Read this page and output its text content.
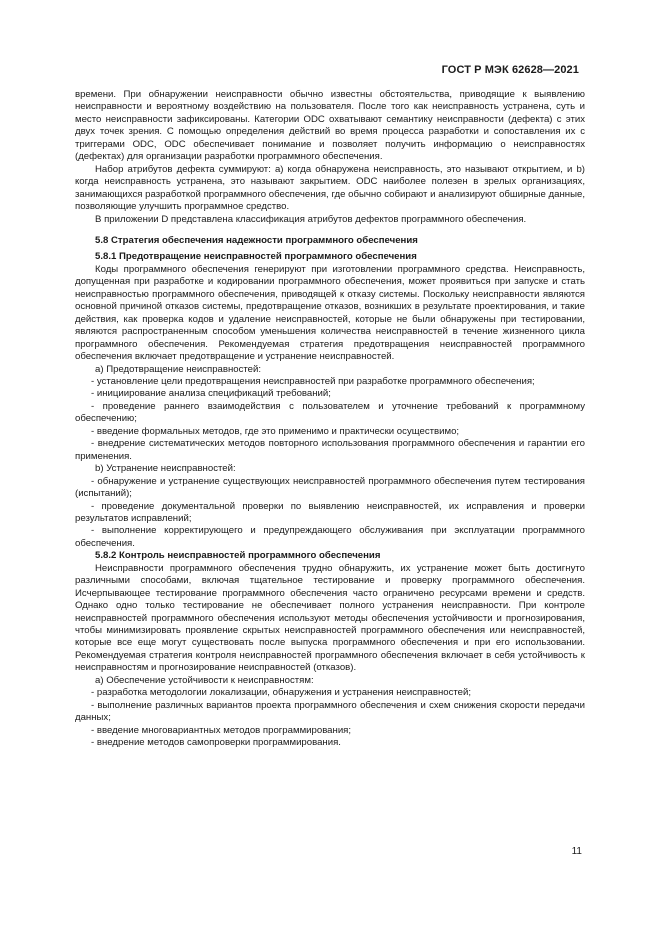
ГОСТ Р МЭК 62628—2021

времени. При обнаружении неисправности обычно известны обстоятельства, приводящие к выявлению неисправности и вероятному воздействию на пользователя. После того как неисправность устранена, суть и место неисправности зафиксированы. Категории ODC охватывают семантику неисправности (дефекта) с этих двух точек зрения. С помощью определения действий во время процесса разработки и сопоставления их с триггерами ODC, ODC обеспечивает понимание и позволяет получить информацию о неисправностях (дефектах) для организации разработки программного обеспечения.

Набор атрибутов дефекта суммируют: а) когда обнаружена неисправность, это называют открытием, и b) когда неисправность устранена, это называют закрытием. ODC наиболее полезен в зрелых организациях, занимающихся разработкой программного обеспечения, где обычно собирают и анализируют обширные данные, позволяющие улучшить программное средство.

В приложении D представлена классификация атрибутов дефектов программного обеспечения.

5.8 Стратегия обеспечения надежности программного обеспечения

5.8.1 Предотвращение неисправностей программного обеспечения

Коды программного обеспечения генерируют при изготовлении программного средства. Неисправность, допущенная при разработке и кодировании программного обеспечения, может проявиться при запуске и стать неисправностью программного обеспечения, приводящей к отказу системы. Поскольку неисправности являются основной причиной отказов системы, предотвращение отказов, возникших в результате проектирования, и такие действия, как проверка кодов и удаление неисправностей, которые не были обнаружены при тестировании, являются распространенным способом уменьшения количества неисправностей в течение жизненного цикла программного обеспечения. Рекомендуемая стратегия предотвращения неисправностей программного обеспечения включает предотвращение и устранение неисправностей.

a) Предотвращение неисправностей:

- установление цели предотвращения неисправностей при разработке программного обеспечения;

- инициирование анализа спецификаций требований;

- проведение раннего взаимодействия с пользователем и уточнение требований к программному обеспечению;

- введение формальных методов, где это применимо и практически осуществимо;

- внедрение систематических методов повторного использования программного обеспечения и гарантии его применения.

b) Устранение неисправностей:

- обнаружение и устранение существующих неисправностей программного обеспечения путем тестирования (испытаний);

- проведение документальной проверки по выявлению неисправностей, их исправления и проверки результатов исправлений;

- выполнение корректирующего и предупреждающего обслуживания при эксплуатации программного обеспечения.

5.8.2 Контроль неисправностей программного обеспечения

Неисправности программного обеспечения трудно обнаружить, их устранение может быть достигнуто различными способами, включая тщательное тестирование и проверку программного обеспечения. Исчерпывающее тестирование программного обеспечения часто ограничено ресурсами времени и средств. Однако одно только тестирование не обеспечивает полного устранения неисправности. При контроле неисправностей программного обеспечения используют методы обеспечения устойчивости и прогнозирования, чтобы минимизировать проявление скрытых неисправностей программного обеспечения или неисправностей, которые все еще могут существовать после выпуска программного обеспечения и при его использовании. Рекомендуемая стратегия контроля неисправностей программного обеспечения включает в себя устойчивость к неисправностям и прогнозирование неисправностей (отказов).

a) Обеспечение устойчивости к неисправностям:

- разработка методологии локализации, обнаружения и устранения неисправностей;

- выполнение различных вариантов проекта программного обеспечения и схем снижения скорости передачи данных;

- введение многовариантных методов программирования;

- внедрение методов самопроверки программирования.

11
